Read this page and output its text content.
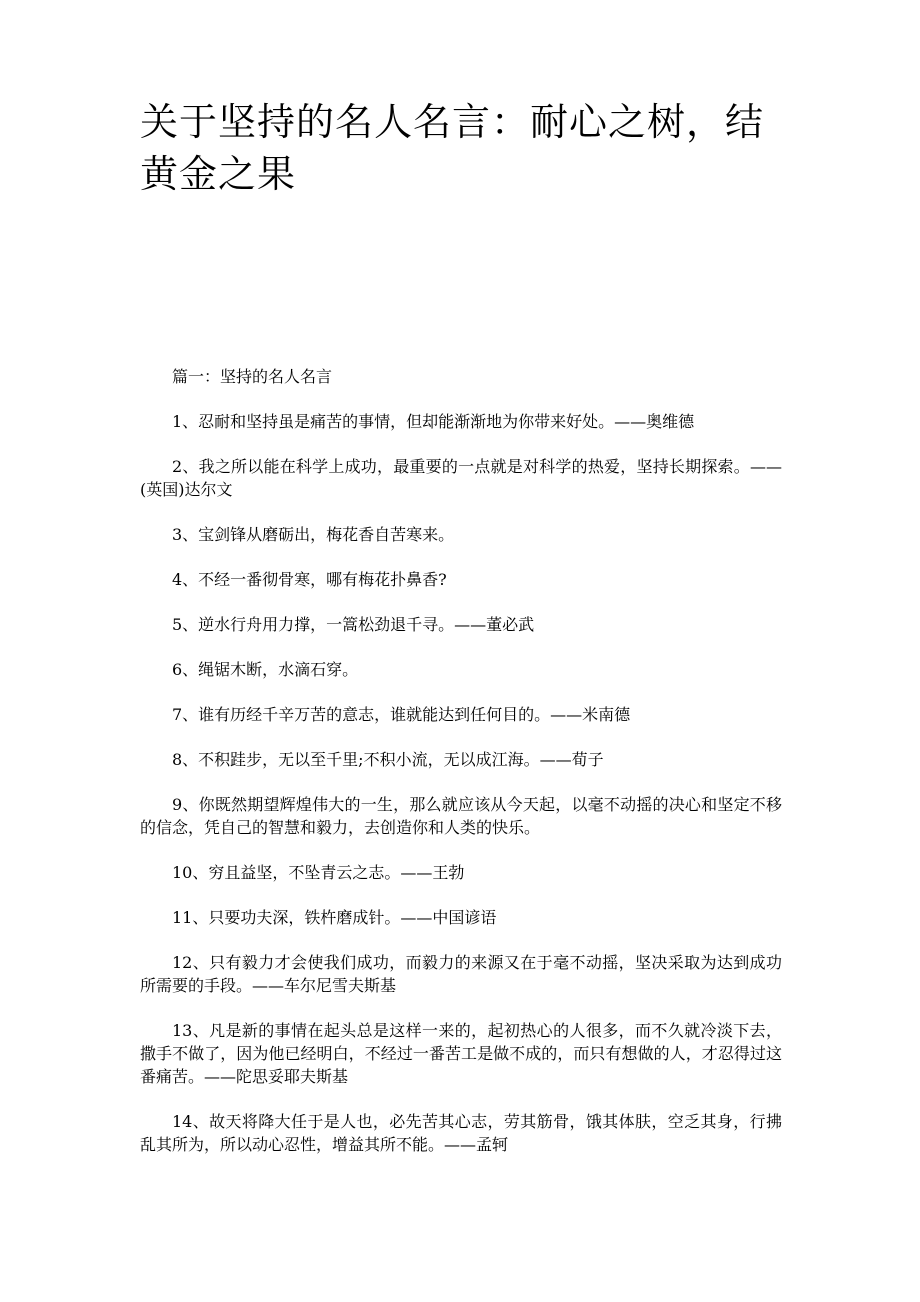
关于坚持的名人名言：耐心之树，结黄金之果

篇一：坚持的名人名言

1、忍耐和坚持虽是痛苦的事情，但却能渐渐地为你带来好处。——奥维德

2、我之所以能在科学上成功，最重要的一点就是对科学的热爱，坚持长期探索。——(英国)达尔文

3、宝剑锋从磨砺出，梅花香自苦寒来。

4、不经一番彻骨寒，哪有梅花扑鼻香?

5、逆水行舟用力撑，一篙松劲退千寻。——董必武

6、绳锯木断，水滴石穿。

7、谁有历经千辛万苦的意志，谁就能达到任何目的。——米南德

8、不积跬步，无以至千里;不积小流，无以成江海。——荀子

9、你既然期望辉煌伟大的一生，那么就应该从今天起，以毫不动摇的决心和坚定不移的信念，凭自己的智慧和毅力，去创造你和人类的快乐。

10、穷且益坚，不坠青云之志。——王勃

11、只要功夫深，铁杵磨成针。——中国谚语

12、只有毅力才会使我们成功，而毅力的来源又在于毫不动摇，坚决采取为达到成功所需要的手段。——车尔尼雪夫斯基

13、凡是新的事情在起头总是这样一来的，起初热心的人很多，而不久就冷淡下去，撒手不做了，因为他已经明白，不经过一番苦工是做不成的，而只有想做的人，才忍得过这番痛苦。——陀思妥耶夫斯基

14、故天将降大任于是人也，必先苦其心志，劳其筋骨，饿其体肤，空乏其身，行拂乱其所为，所以动心忍性，增益其所不能。——孟轲
